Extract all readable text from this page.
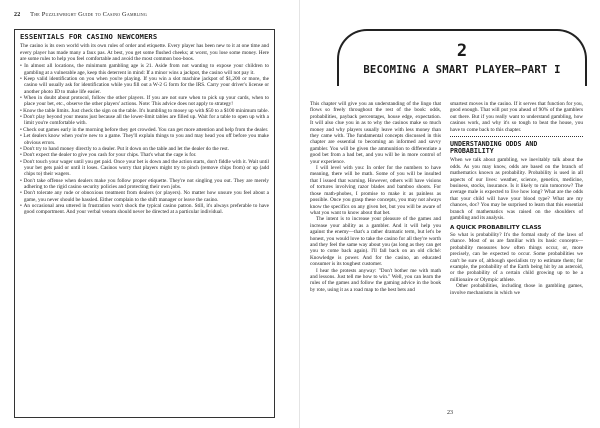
22 The Puzzlewright Guide to Casino Gambling
ESSENTIALS FOR CASINO NEWCOMERS

The casino is its own world with its own rules of order and etiquette. Every player has been new to it at one time and every player has made many a faux pas. At best, you get some flushed cheeks; at worst, you lose some money. Here are some rules to help you feel comfortable and avoid the most common boo-boos.

• In almost all locations, the minimum gambling age is 21. Aside from not wanting to expose your children to gambling at a vulnerable age, keep this deterrent in mind: If a minor wins a jackpot, the casino will not pay it.
• Keep valid identification on you when you're playing. If you win a slot machine jackpot of $1,200 or more, the casino will usually ask for identification while you fill out a W-2 G form for the IRS. Carry your driver's license or another photo ID to make life easier.
• When in doubt about protocol, follow the other players. If you are not sure when to pick up your cards, when to place your bet, etc., observe the other players' actions. Note: This advice does not apply to strategy!
• Know the table limits. Just check the sign on the table. It's humbling to mosey up with $50 to a $100 minimum table.
• Don't play beyond your means just because all the lower-limit tables are filled up. Wait for a table to open up with a limit you're comfortable with.
• Check out games early in the morning before they get crowded. You can get more attention and help from the dealer.
• Let dealers know when you're new to a game. They'll explain things to you and may head you off before you make obvious errors.
• Don't try to hand money directly to a dealer. Put it down on the table and let the dealer do the rest.
• Don't expect the dealer to give you cash for your chips. That's what the cage is for.
• Don't touch your wager until you get paid. Once your bet is down and the action starts, don't fiddle with it. Wait until your bet gets paid or until it loses. Casinos worry that players might try to pinch (remove chips from) or up (add chips to) their wagers.
• Don't take offense when dealers make you follow proper etiquette. They're not singling you out. They are merely adhering to the rigid casino security policies and protecting their own jobs.
• Don't tolerate any rude or obnoxious treatment from dealers (or players). No matter how unsure you feel about a game, you never should be hassled. Either complain to the shift manager or leave the casino.
• An occasional area uttered in frustration won't shock the typical casino patron. Still, it's always preferable to have good comportment. And your verbal venom should never be directed at a particular individual.
2
BECOMING A SMART PLAYER—PART I

This chapter will give you an understanding of the lingo that flows so freely throughout the rest of the book: odds, probabilities, payback percentages, house edge, expectation. It will also clue you in as to why the casinos make so much money and why players usually leave with less money than they came with. The fundamental concepts discussed in this chapter are essential to becoming an informed and savvy gambler. You will be given the ammunition to differentiate a good bet from a bad bet, and you will be in more control of your experience.

I will level with you: In order for the numbers to have meaning, there will be math. Some of you will be insulted that I issued that warning. However, others will have visions of tortures involving razor blades and bamboo shoots. For those math-phobes, I promise to make it as painless as possible. Once you grasp these concepts, you may not always know the specifics on any given bet, but you will be aware of what you want to know about that bet.

The intent is to increase your pleasure of the games and increase your ability as a gambler. And it will help you against the enemy—that's a rather dramatic term, but let's be honest, you would love to take the casino for all they're worth and they feel the same way about you (as long as they can get you to come back again). I'll fall back on an old cliché: Knowledge is power. And for the casino, an educated consumer is its toughest customer.

I hear the protests anyway: "Don't bother me with math and lessons. Just tell me how to win." Well, you can learn the rules of the games and follow the gaming advice in the book by rote, using it as a road map to the best bets and

smartest moves in the casino. If it serves that function for you, good enough. That will put you ahead of 90% of the gamblers out there. But if you really want to understand gambling, how casinos work, and why it's so tough to beat the house, you have to come back to this chapter.

UNDERSTANDING ODDS AND PROBABILITY

When we talk about gambling, we inevitably talk about the odds. As you may know, odds are based on the branch of mathematics known as probability. Probability is used in all aspects of our lives: weather, science, genetics, medicine, business, stocks, insurance. Is it likely to rain tomorrow? The average male is expected to live how long? What are the odds that your child will have your blood type? What are my chances, doc? You may be surprised to learn that this essential branch of mathematics was raised on the shoulders of gambling and its analysis.

A QUICK PROBABILITY CLASS

So what is probability? It's the formal study of the laws of chance. Most of us are familiar with its basic concepts—probability measures how often things occur, or, more precisely, can be expected to occur. Some probabilities we can't be sure of, although specialists try to estimate them; for example, the probability of the Earth being hit by an asteroid, or the probability of a certain child growing up to be a millionaire or Olympic athlete.

Other probabilities, including those in gambling games, involve mechanisms in which we

23
